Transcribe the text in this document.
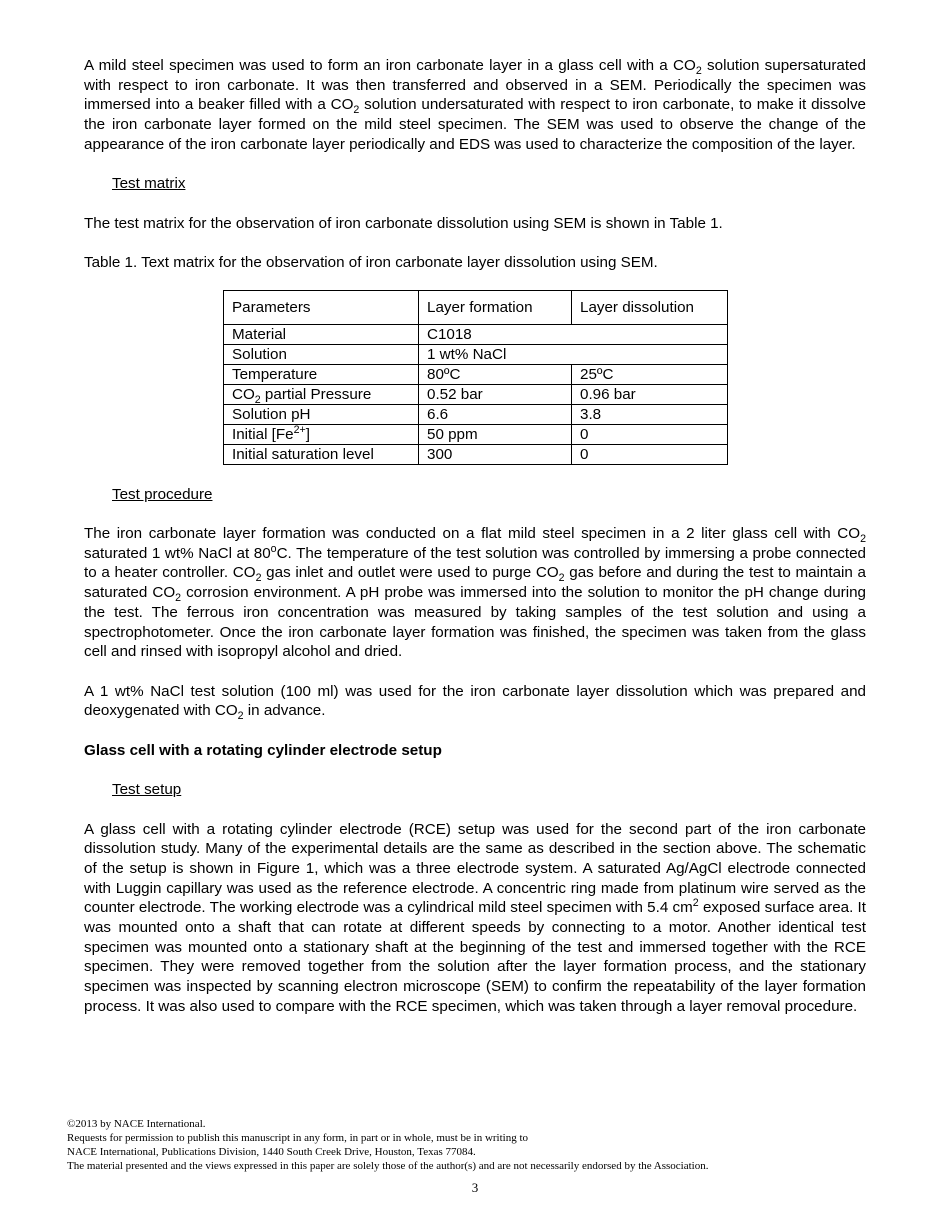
A mild steel specimen was used to form an iron carbonate layer in a glass cell with a $CO_2$ solution supersaturated with respect to iron carbonate. It was then transferred and observed in a SEM. Periodically the specimen was immersed into a beaker filled with a $CO_2$ solution undersaturated with respect to iron carbonate, to make it dissolve the iron carbonate layer formed on the mild steel specimen. The SEM was used to observe the change of the appearance of the iron carbonate layer periodically and EDS was used to characterize the composition of the layer.

Test matrix

The test matrix for the observation of iron carbonate dissolution using SEM is shown in Table 1.

Table 1. Text matrix for the observation of iron carbonate layer dissolution using SEM.

Parameters	Layer formation	Layer dissolution
Material	C1018	
Solution	1 wt% NaCl	
Temperature	80ºC	25ºC
$CO_2$ partial Pressure	0.52 bar	0.96 bar
Solution pH	6.6	3.8
Initial $[Fe^{2+}]$	50 ppm	0
Initial saturation level	300	0

Test procedure

The iron carbonate layer formation was conducted on a flat mild steel specimen in a 2 liter glass cell with $CO_2$ saturated 1 wt% NaCl at 80$^o$C. The temperature of the test solution was controlled by immersing a probe connected to a heater controller. $CO_2$ gas inlet and outlet were used to purge $CO_2$ gas before and during the test to maintain a saturated $CO_2$ corrosion environment. A pH probe was immersed into the solution to monitor the pH change during the test. The ferrous iron concentration was measured by taking samples of the test solution and using a spectrophotometer. Once the iron carbonate layer formation was finished, the specimen was taken from the glass cell and rinsed with isopropyl alcohol and dried.

A 1 wt% NaCl test solution (100 ml) was used for the iron carbonate layer dissolution which was prepared and deoxygenated with $CO_2$ in advance.

Glass cell with a rotating cylinder electrode setup

Test setup

A glass cell with a rotating cylinder electrode (RCE) setup was used for the second part of the iron carbonate dissolution study. Many of the experimental details are the same as described in the section above. The schematic of the setup is shown in Figure 1, which was a three electrode system. A saturated Ag/AgCl electrode connected with Luggin capillary was used as the reference electrode. A concentric ring made from platinum wire served as the counter electrode. The working electrode was a cylindrical mild steel specimen with 5.4 $cm^2$ exposed surface area. It was mounted onto a shaft that can rotate at different speeds by connecting to a motor. Another identical test specimen was mounted onto a stationary shaft at the beginning of the test and immersed together with the RCE specimen. They were removed together from the solution after the layer formation process, and the stationary specimen was inspected by scanning electron microscope (SEM) to confirm the repeatability of the layer formation process. It was also used to compare with the RCE specimen, which was taken through a layer removal procedure.

©2013 by NACE International.
Requests for permission to publish this manuscript in any form, in part or in whole, must be in writing to
NACE International, Publications Division, 1440 South Creek Drive, Houston, Texas 77084.
The material presented and the views expressed in this paper are solely those of the author(s) and are not necessarily endorsed by the Association.
3
